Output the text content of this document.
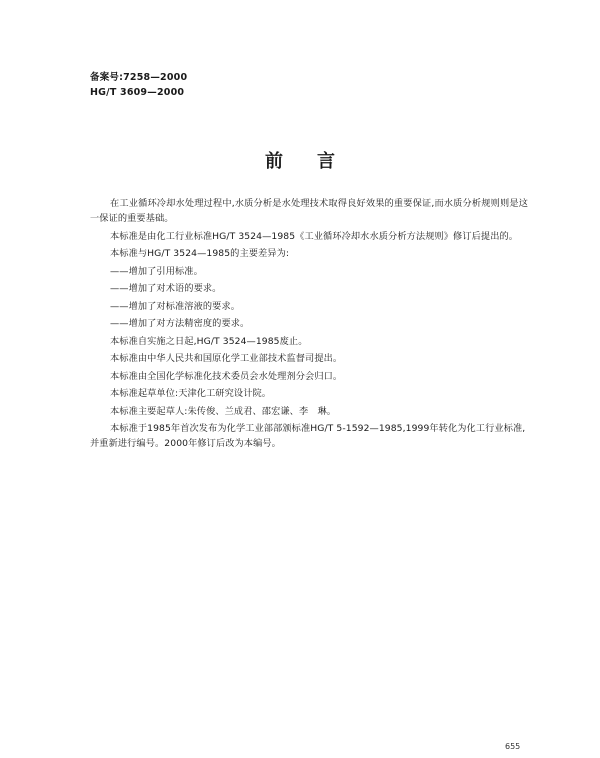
备案号:7258—2000
HG/T 3609—2000
前言

在工业循环冷却水处理过程中,水质分析是水处理技术取得良好效果的重要保证,而水质分析规则则是这一保证的重要基础。

本标准是由化工行业标准HG/T 3524—1985《工业循环冷却水水质分析方法规则》修订后提出的。

本标准与HG/T 3524—1985的主要差异为:

——增加了引用标准。

——增加了对术语的要求。

——增加了对标准溶液的要求。

——增加了对方法精密度的要求。

本标准自实施之日起,HG/T 3524—1985废止。

本标准由中华人民共和国原化学工业部技术监督司提出。

本标准由全国化学标准化技术委员会水处理剂分会归口。

本标准起草单位:天津化工研究设计院。

本标准主要起草人:朱传俊、兰成君、邵宏谦、李　琳。

本标准于1985年首次发布为化学工业部部颁标准HG/T 5-1592—1985,1999年转化为化工行业标准,并重新进行编号。2000年修订后改为本编号。

655
